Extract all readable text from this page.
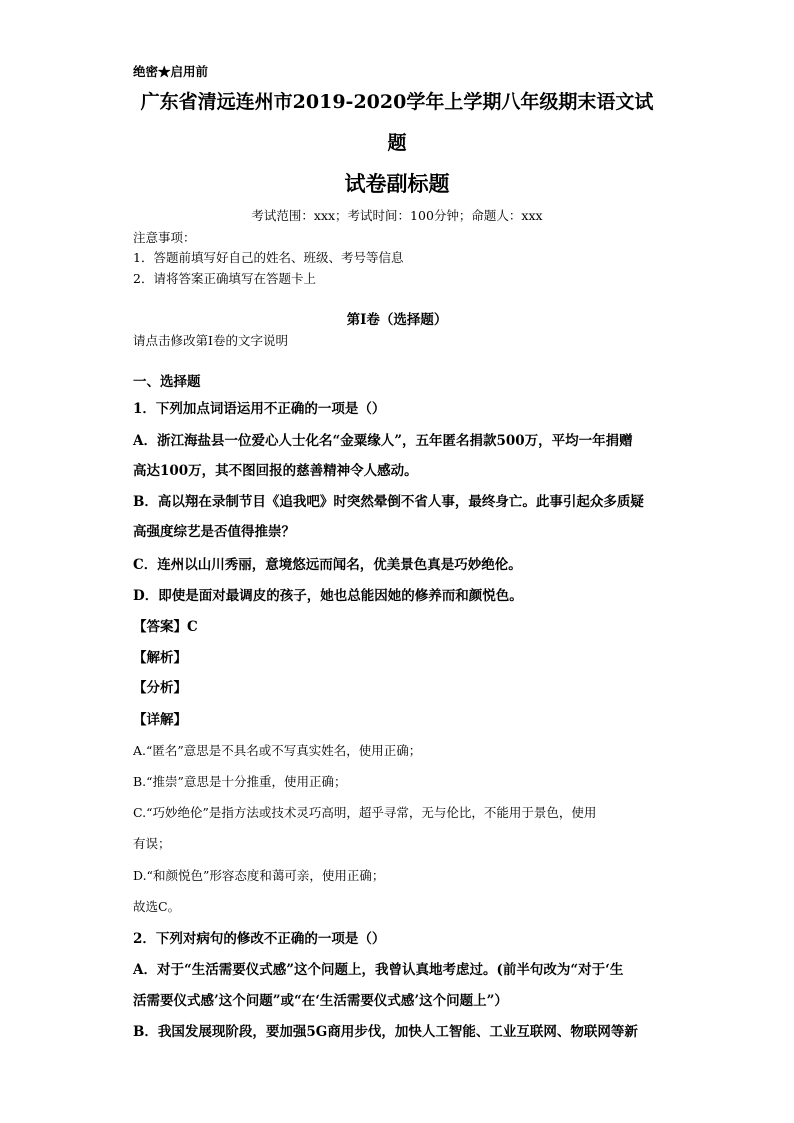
绝密★启用前
广东省清远连州市2019-2020学年上学期八年级期末语文试
题
试卷副标题
考试范围：xxx；考试时间：100分钟；命题人：xxx
注意事项：
1．答题前填写好自己的姓名、班级、考号等信息
2．请将答案正确填写在答题卡上
第I卷（选择题）
请点击修改第I卷的文字说明
一、选择题
1．下列加点词语运用不正确的一项是（）
A．浙江海盐县一位爱心人士化名“金粟缘人”，五年匿名捐款500万，平均一年捐赠
高达100万，其不图回报的慈善精神令人感动。
B．高以翔在录制节目《追我吧》时突然晕倒不省人事，最终身亡。此事引起众多质疑
高强度综艺是否值得推崇？
C．连州以山川秀丽，意境悠远而闻名，优美景色真是巧妙绝伦。
D．即使是面对最调皮的孩子，她也总能因她的修养而和颜悦色。
【答案】C
【解析】
【分析】
【详解】
A.“匿名”意思是不具名或不写真实姓名，使用正确；
B.“推崇”意思是十分推重，使用正确；
C.“巧妙绝伦”是指方法或技术灵巧高明，超乎寻常，无与伦比，不能用于景色，使用
有误；
D.“和颜悦色”形容态度和蔼可亲，使用正确；
故选C。
2．下列对病句的修改不正确的一项是（）
A．对于“生活需要仪式感”这个问题上，我曾认真地考虑过。(前半句改为“对于‘生
活需要仪式感’这个问题”或“在‘生活需要仪式感’这个问题上”）
B．我国发展现阶段，要加强5G商用步伐，加快人工智能、工业互联网、物联网等新
